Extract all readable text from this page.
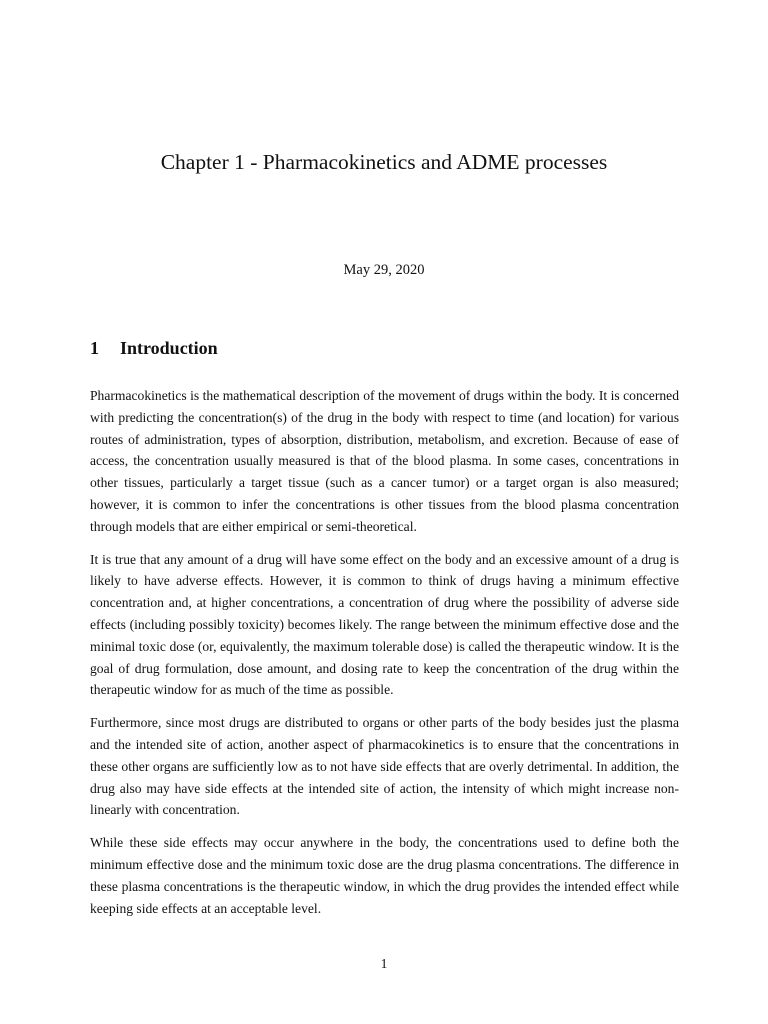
Chapter 1 - Pharmacokinetics and ADME processes
May 29, 2020
1 Introduction

Pharmacokinetics is the mathematical description of the movement of drugs within the body. It is concerned with predicting the concentration(s) of the drug in the body with respect to time (and location) for various routes of administration, types of absorption, distribution, metabolism, and excretion. Because of ease of access, the concentration usually measured is that of the blood plasma. In some cases, concentrations in other tissues, particularly a target tissue (such as a cancer tumor) or a target organ is also measured; however, it is common to infer the concentrations is other tissues from the blood plasma concentration through models that are either empirical or semi-theoretical.

It is true that any amount of a drug will have some effect on the body and an excessive amount of a drug is likely to have adverse effects. However, it is common to think of drugs having a minimum effective concentration and, at higher concentrations, a concentration of drug where the possibility of adverse side effects (including possibly toxicity) becomes likely. The range between the minimum effective dose and the minimal toxic dose (or, equivalently, the maximum tolerable dose) is called the therapeutic window. It is the goal of drug formulation, dose amount, and dosing rate to keep the concentration of the drug within the therapeutic window for as much of the time as possible.

Furthermore, since most drugs are distributed to organs or other parts of the body besides just the plasma and the intended site of action, another aspect of pharmacokinetics is to ensure that the concentrations in these other organs are sufficiently low as to not have side effects that are overly detrimental. In addition, the drug also may have side effects at the intended site of action, the intensity of which might increase non-linearly with concentration.

While these side effects may occur anywhere in the body, the concentrations used to define both the minimum effective dose and the minimum toxic dose are the drug plasma concentrations. The difference in these plasma concentrations is the therapeutic window, in which the drug provides the intended effect while keeping side effects at an acceptable level.

1
